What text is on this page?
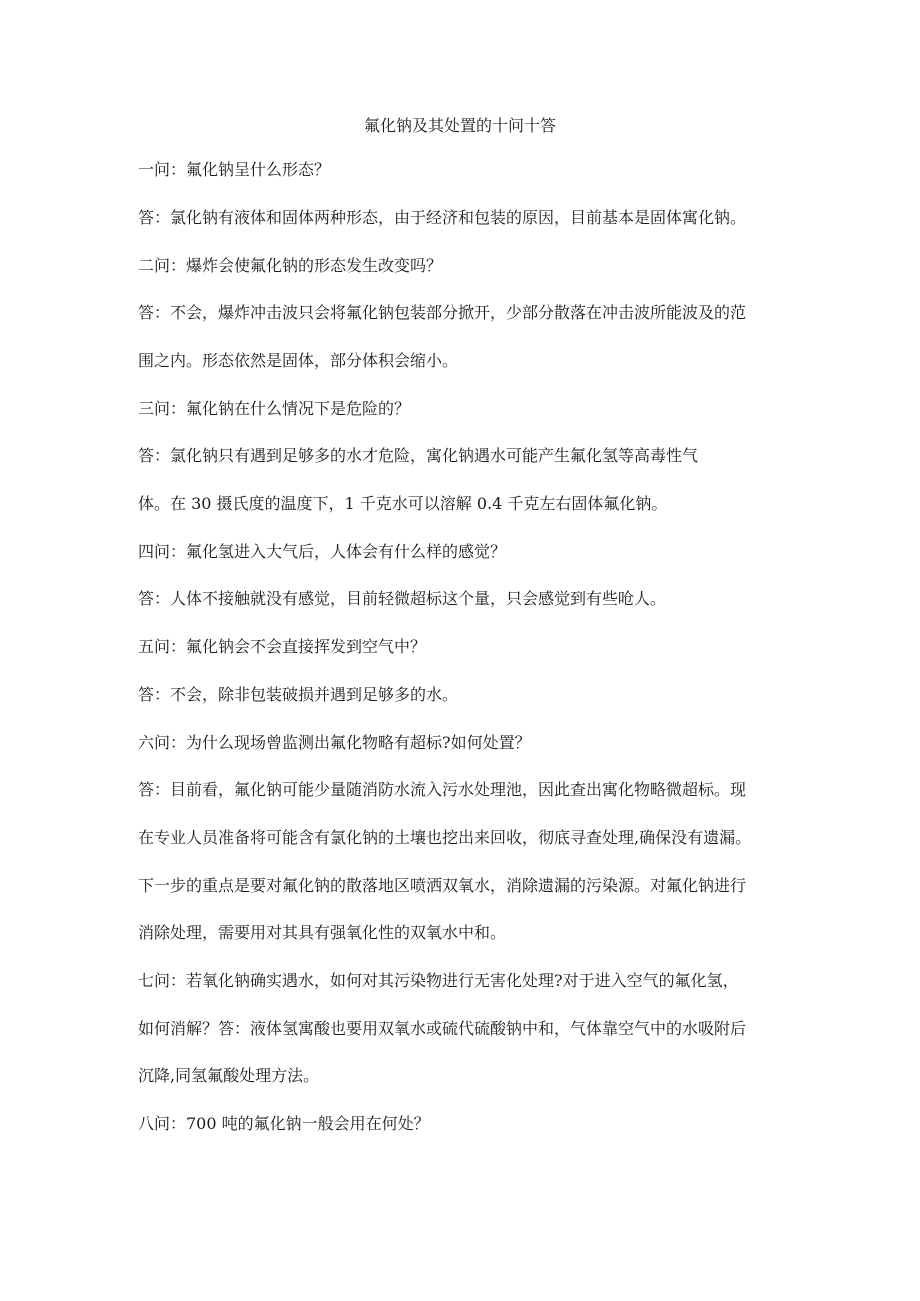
氟化钠及其处置的十问十答
一问：氟化钠呈什么形态？
答：氯化钠有液体和固体两种形态，由于经济和包装的原因，目前基本是固体寓化钠。
二问：爆炸会使氟化钠的形态发生改变吗？
答：不会，爆炸冲击波只会将氟化钠包装部分掀开，少部分散落在冲击波所能波及的范
围之内。形态依然是固体，部分体积会缩小。
三问：氟化钠在什么情况下是危险的？
答：氯化钠只有遇到足够多的水才危险，寓化钠遇水可能产生氟化氢等高毒性气
体。在 30 摄氏度的温度下，1 千克水可以溶解 0.4 千克左右固体氟化钠。
四问：氟化氢进入大气后，人体会有什么样的感觉？
答：人体不接触就没有感觉，目前轻微超标这个量，只会感觉到有些呛人。
五问：氟化钠会不会直接挥发到空气中？
答：不会，除非包装破损并遇到足够多的水。
六问：为什么现场曾监测出氟化物略有超标?如何处置？
答：目前看，氟化钠可能少量随消防水流入污水处理池，因此查出寓化物略微超标。现
在专业人员准备将可能含有氯化钠的土壤也挖出来回收，彻底寻查处理,确保没有遗漏。
下一步的重点是要对氟化钠的散落地区喷洒双氧水，消除遗漏的污染源。对氟化钠进行
消除处理，需要用对其具有强氧化性的双氧水中和。
七问：若氧化钠确实遇水，如何对其污染物进行无害化处理?对于进入空气的氟化氢，
如何消解？答：液体氢寓酸也要用双氧水或硫代硫酸钠中和，气体靠空气中的水吸附后
沉降,同氢氟酸处理方法。
八问：700 吨的氟化钠一般会用在何处？
